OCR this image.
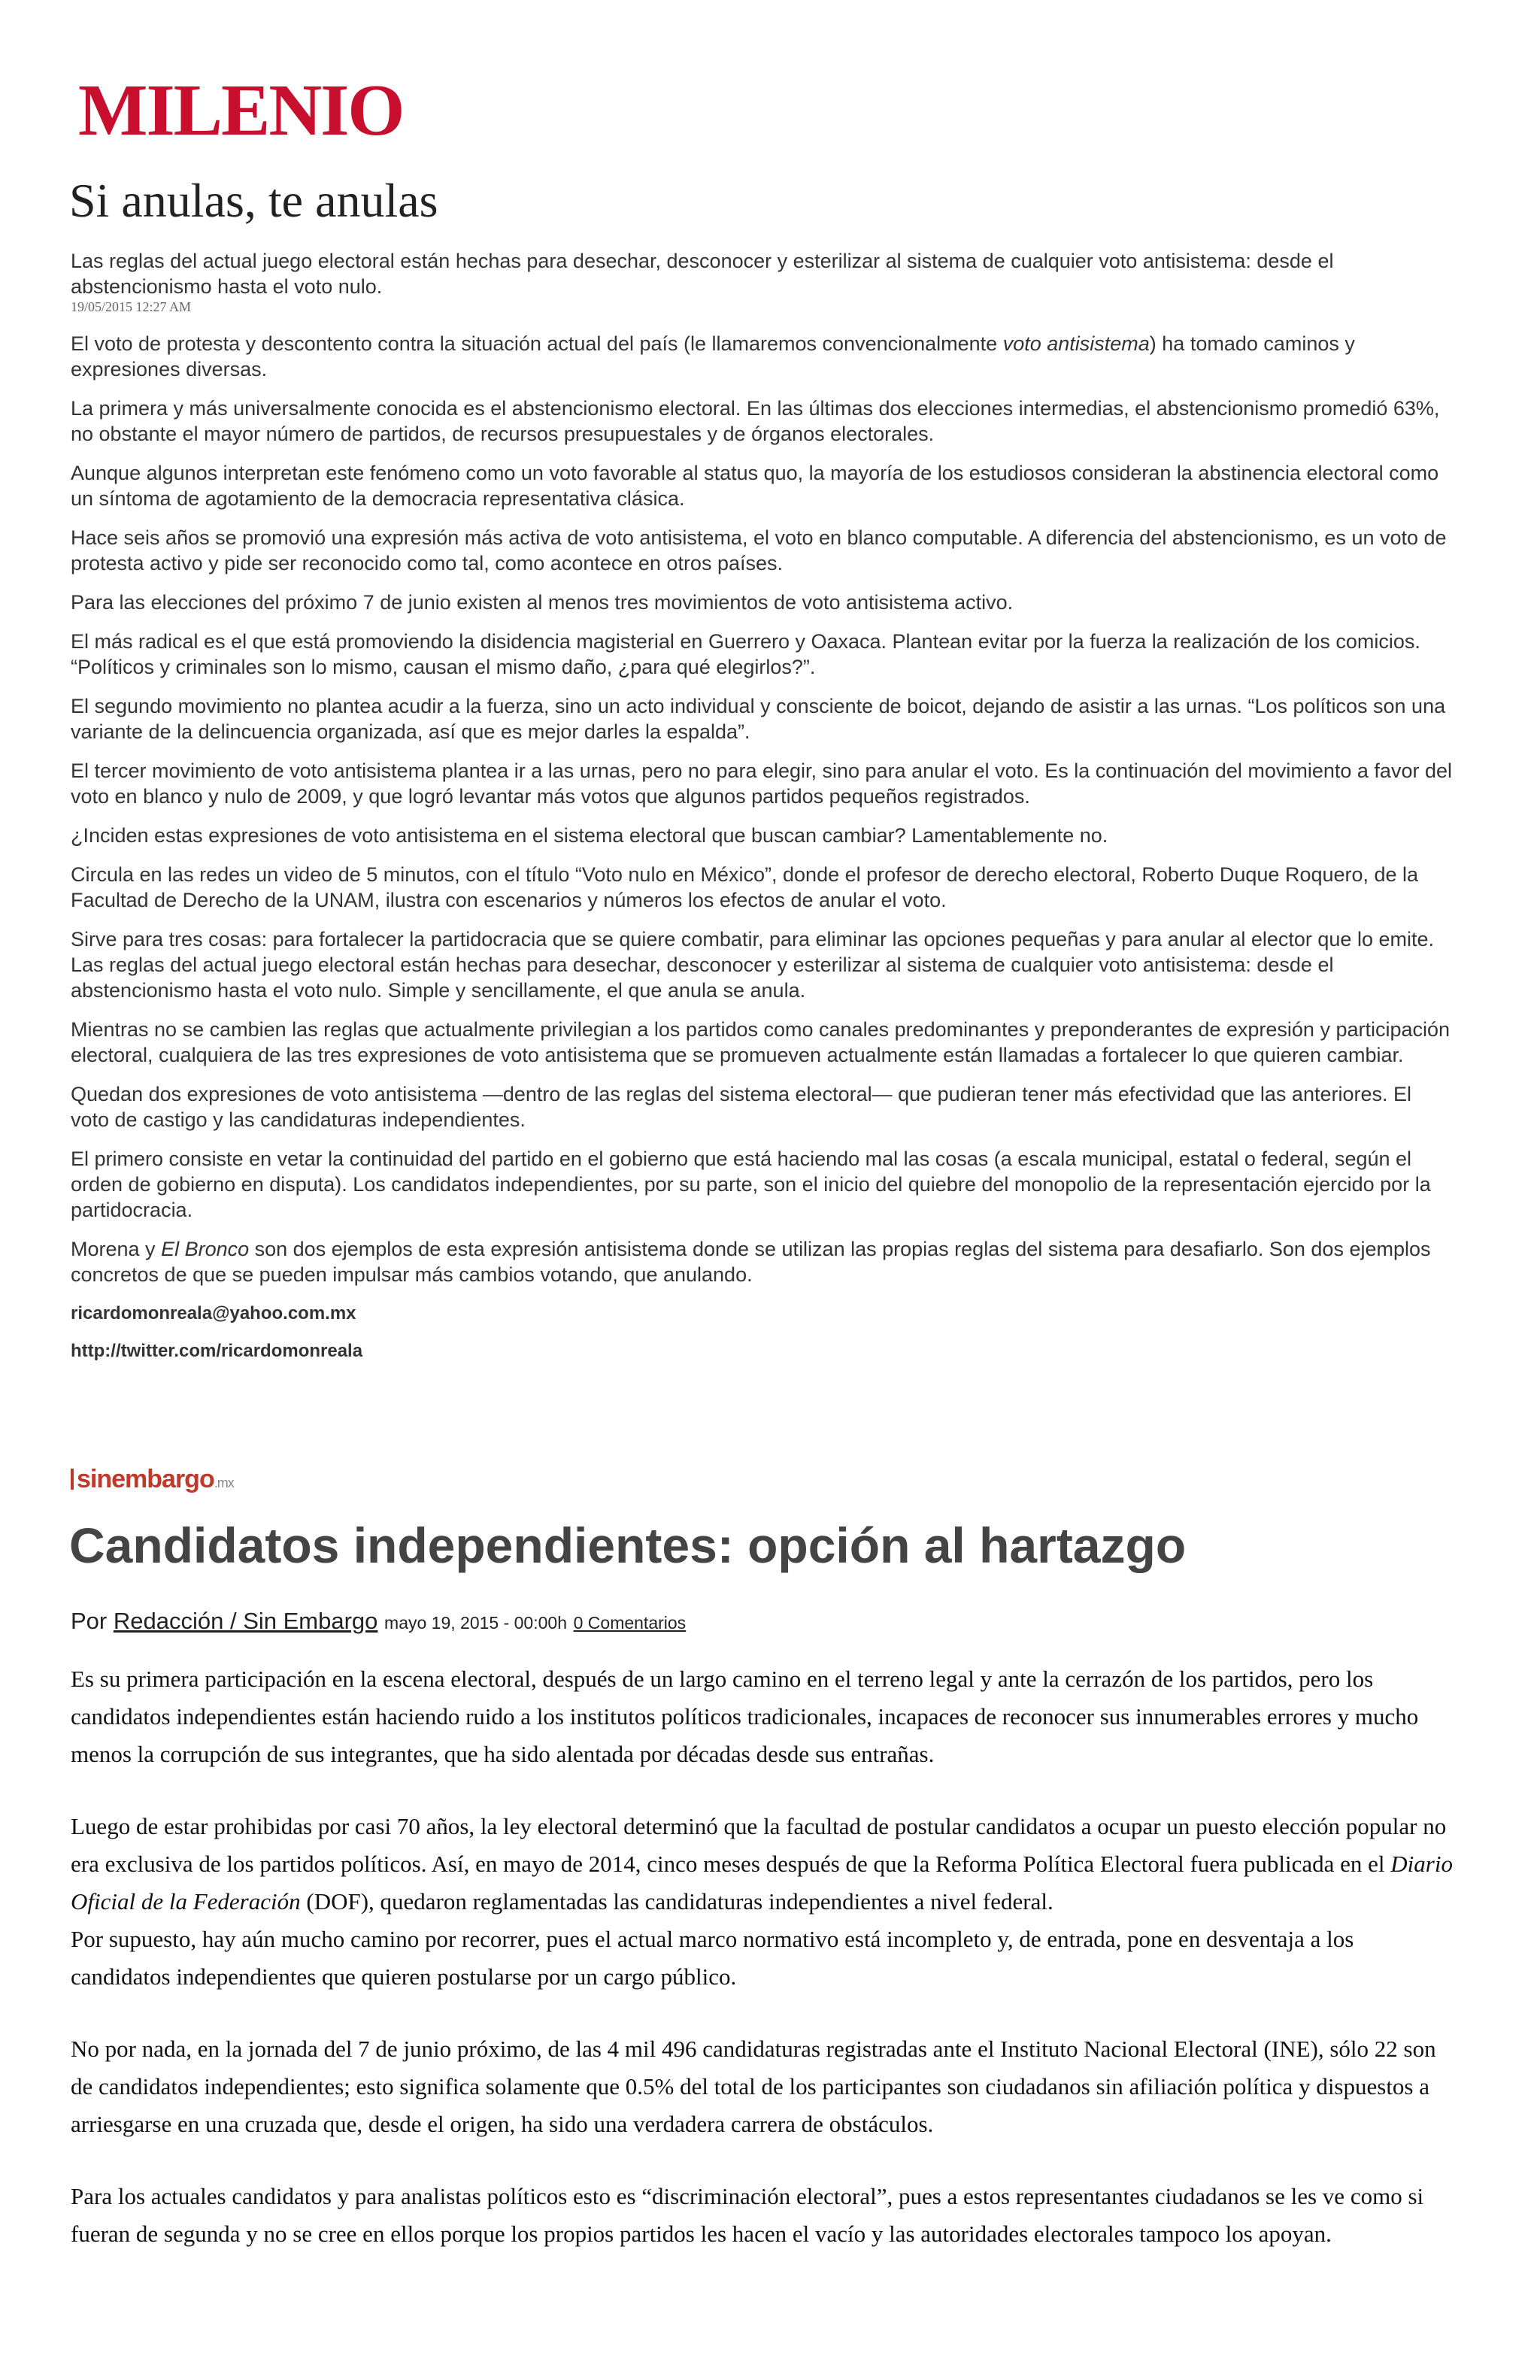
MILENIO
Si anulas, te anulas

Las reglas del actual juego electoral están hechas para desechar, desconocer y esterilizar al sistema de cualquier voto antisistema: desde el abstencionismo hasta el voto nulo.

19/05/2015 12:27 AM

El voto de protesta y descontento contra la situación actual del país (le llamaremos convencionalmente voto antisistema) ha tomado caminos y expresiones diversas.

La primera y más universalmente conocida es el abstencionismo electoral. En las últimas dos elecciones intermedias, el abstencionismo promedió 63%, no obstante el mayor número de partidos, de recursos presupuestales y de órganos electorales.

Aunque algunos interpretan este fenómeno como un voto favorable al status quo, la mayoría de los estudiosos consideran la abstinencia electoral como un síntoma de agotamiento de la democracia representativa clásica.

Hace seis años se promovió una expresión más activa de voto antisistema, el voto en blanco computable. A diferencia del abstencionismo, es un voto de protesta activo y pide ser reconocido como tal, como acontece en otros países.

Para las elecciones del próximo 7 de junio existen al menos tres movimientos de voto antisistema activo.

El más radical es el que está promoviendo la disidencia magisterial en Guerrero y Oaxaca. Plantean evitar por la fuerza la realización de los comicios. “Políticos y criminales son lo mismo, causan el mismo daño, ¿para qué elegirlos?”.

El segundo movimiento no plantea acudir a la fuerza, sino un acto individual y consciente de boicot, dejando de asistir a las urnas. “Los políticos son una variante de la delincuencia organizada, así que es mejor darles la espalda”.

El tercer movimiento de voto antisistema plantea ir a las urnas, pero no para elegir, sino para anular el voto. Es la continuación del movimiento a favor del voto en blanco y nulo de 2009, y que logró levantar más votos que algunos partidos pequeños registrados.

¿Inciden estas expresiones de voto antisistema en el sistema electoral que buscan cambiar? Lamentablemente no.

Circula en las redes un video de 5 minutos, con el título “Voto nulo en México”, donde el profesor de derecho electoral, Roberto Duque Roquero, de la Facultad de Derecho de la UNAM, ilustra con escenarios y números los efectos de anular el voto.

Sirve para tres cosas: para fortalecer la partidocracia que se quiere combatir, para eliminar las opciones pequeñas y para anular al elector que lo emite. Las reglas del actual juego electoral están hechas para desechar, desconocer y esterilizar al sistema de cualquier voto antisistema: desde el abstencionismo hasta el voto nulo. Simple y sencillamente, el que anula se anula.

Mientras no se cambien las reglas que actualmente privilegian a los partidos como canales predominantes y preponderantes de expresión y participación electoral, cualquiera de las tres expresiones de voto antisistema que se promueven actualmente están llamadas a fortalecer lo que quieren cambiar.

Quedan dos expresiones de voto antisistema —dentro de las reglas del sistema electoral— que pudieran tener más efectividad que las anteriores. El voto de castigo y las candidaturas independientes.

El primero consiste en vetar la continuidad del partido en el gobierno que está haciendo mal las cosas (a escala municipal, estatal o federal, según el orden de gobierno en disputa). Los candidatos independientes, por su parte, son el inicio del quiebre del monopolio de la representación ejercido por la partidocracia.

Morena y El Bronco son dos ejemplos de esta expresión antisistema donde se utilizan las propias reglas del sistema para desafiarlo. Son dos ejemplos concretos de que se pueden impulsar más cambios votando, que anulando.

ricardomonreala@yahoo.com.mx

http://twitter.com/ricardomonreala

sinembargo.mx
Candidatos independientes: opción al hartazgo
Por Redacción / Sin Embargo mayo 19, 2015 - 00:00h 0 Comentarios

Es su primera participación en la escena electoral, después de un largo camino en el terreno legal y ante la cerrazón de los partidos, pero los candidatos independientes están haciendo ruido a los institutos políticos tradicionales, incapaces de reconocer sus innumerables errores y mucho menos la corrupción de sus integrantes, que ha sido alentada por décadas desde sus entrañas.

Luego de estar prohibidas por casi 70 años, la ley electoral determinó que la facultad de postular candidatos a ocupar un puesto elección popular no era exclusiva de los partidos políticos. Así, en mayo de 2014, cinco meses después de que la Reforma Política Electoral fuera publicada en el Diario Oficial de la Federación (DOF), quedaron reglamentadas las candidaturas independientes a nivel federal.

Por supuesto, hay aún mucho camino por recorrer, pues el actual marco normativo está incompleto y, de entrada, pone en desventaja a los candidatos independientes que quieren postularse por un cargo público.

No por nada, en la jornada del 7 de junio próximo, de las 4 mil 496 candidaturas registradas ante el Instituto Nacional Electoral (INE), sólo 22 son de candidatos independientes; esto significa solamente que 0.5% del total de los participantes son ciudadanos sin afiliación política y dispuestos a arriesgarse en una cruzada que, desde el origen, ha sido una verdadera carrera de obstáculos.

Para los actuales candidatos y para analistas políticos esto es “discriminación electoral”, pues a estos representantes ciudadanos se les ve como si fueran de segunda y no se cree en ellos porque los propios partidos les hacen el vacío y las autoridades electorales tampoco los apoyan.
